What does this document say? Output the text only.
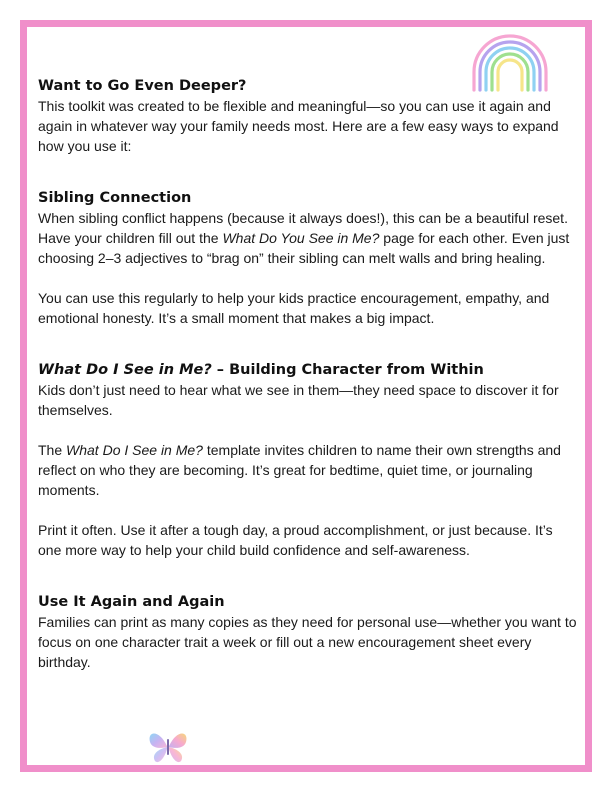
Want to Go Even Deeper?

This toolkit was created to be flexible and meaningful—so you can use it again and again in whatever way your family needs most. Here are a few easy ways to expand how you use it:

Sibling Connection

When sibling conflict happens (because it always does!), this can be a beautiful reset. Have your children fill out the What Do You See in Me? page for each other. Even just choosing 2–3 adjectives to “brag on” their sibling can melt walls and bring healing.

You can use this regularly to help your kids practice encouragement, empathy, and emotional honesty. It’s a small moment that makes a big impact.

What Do I See in Me? – Building Character from Within

Kids don’t just need to hear what we see in them—they need space to discover it for themselves.

The What Do I See in Me? template invites children to name their own strengths and reflect on who they are becoming. It’s great for bedtime, quiet time, or journaling moments.

Print it often. Use it after a tough day, a proud accomplishment, or just because. It’s one more way to help your child build confidence and self-awareness.

Use It Again and Again

Families can print as many copies as they need for personal use—whether you want to focus on one character trait a week or fill out a new encouragement sheet every birthday.
